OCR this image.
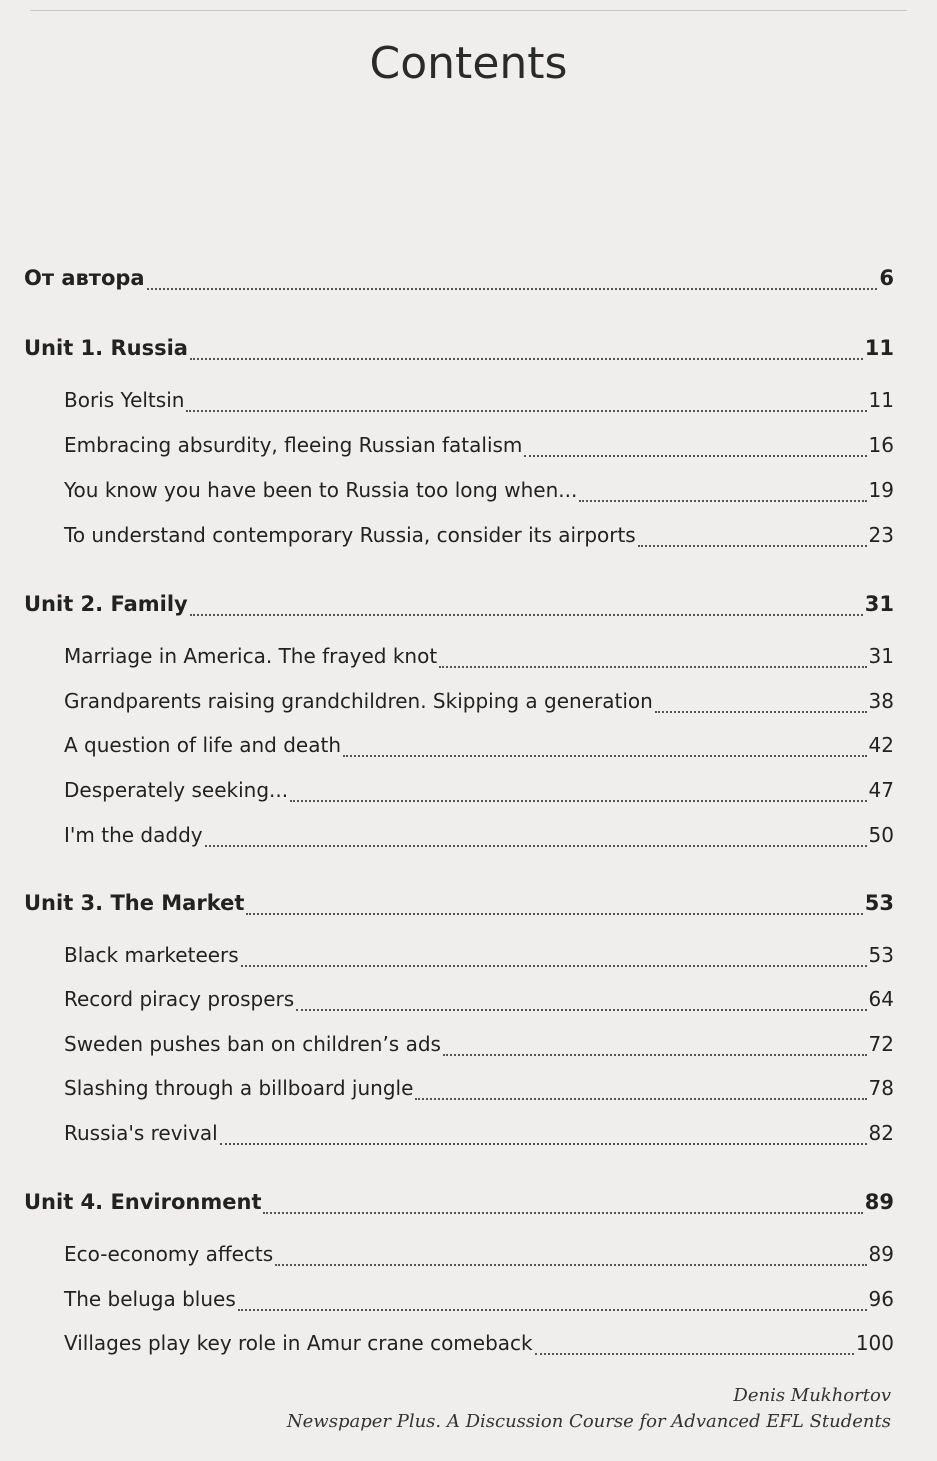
Contents
От автора	6
Unit 1. Russia	11
Boris Yeltsin	11
Embracing absurdity, fleeing Russian fatalism	16
You know you have been to Russia too long when...	19
To understand contemporary Russia, consider its airports	23
Unit 2. Family	31
Marriage in America. The frayed knot	31
Grandparents raising grandchildren. Skipping a generation	38
A question of life and death	42
Desperately seeking...	47
I'm the daddy	50
Unit 3. The Market	53
Black marketeers	53
Record piracy prospers	64
Sweden pushes ban on children’s ads	72
Slashing through a billboard jungle	78
Russia's revival	82
Unit 4. Environment	89
Eco-economy affects	89
The beluga blues	96
Villages play key role in Amur crane comeback	100
Denis Mukhortov
Newspaper Plus. A Discussion Course for Advanced EFL Students
